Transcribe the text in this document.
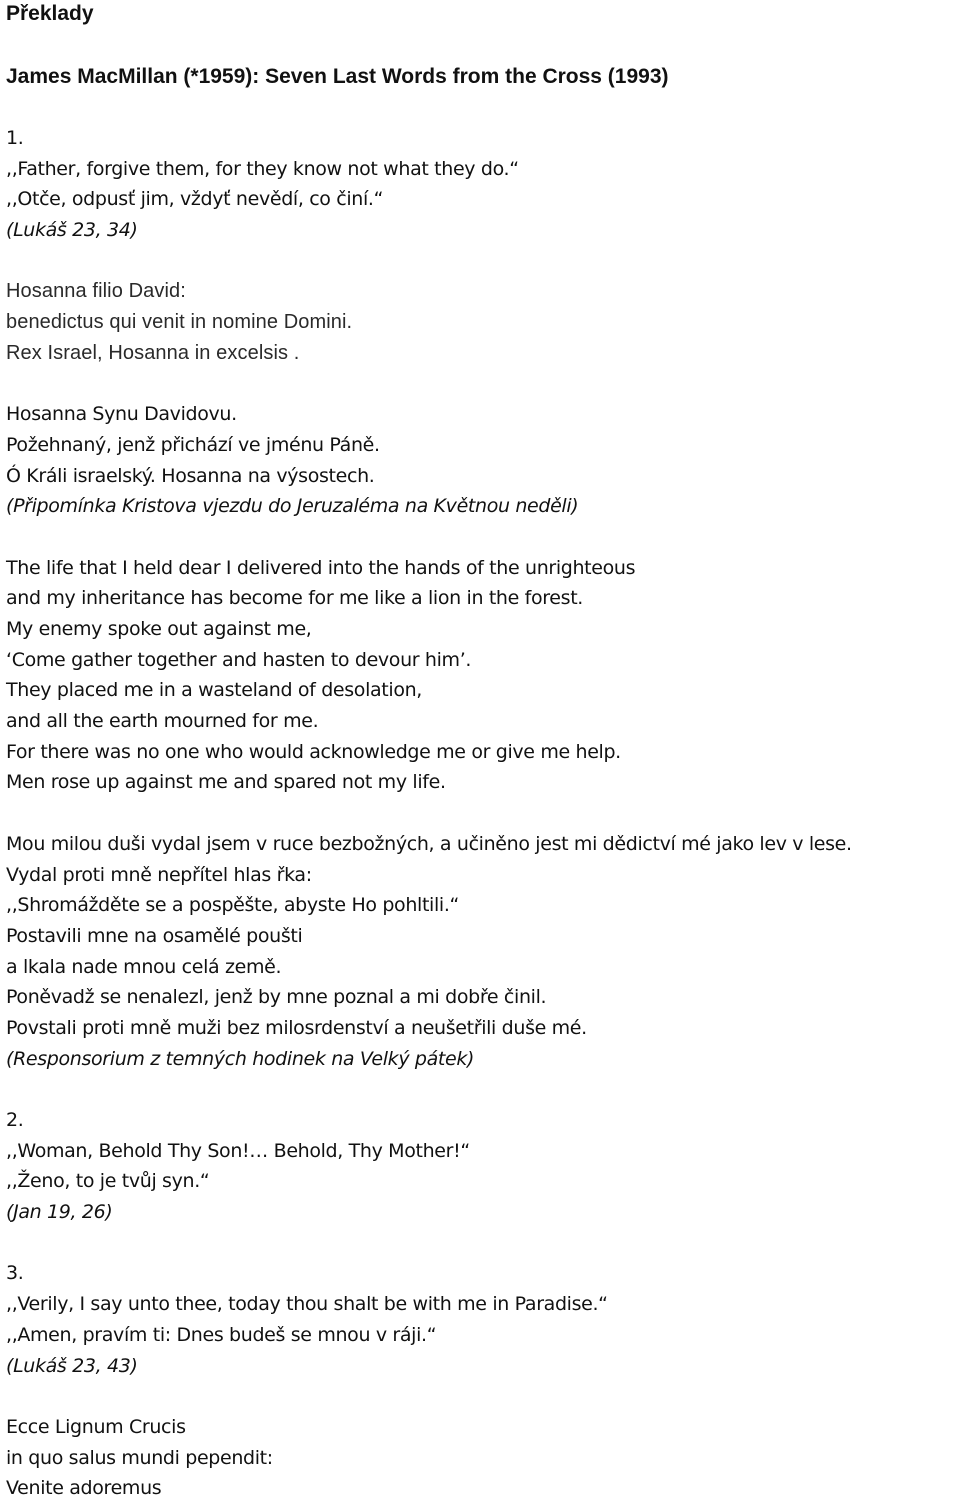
Překlady
James MacMillan (*1959): Seven Last Words from the Cross (1993)
1.
,,Father, forgive them, for they know not what they do.“
,,Otče, odpusť jim, vždyť nevědí, co činí.“
(Lukáš 23, 34)
Hosanna filio David:
benedictus qui venit in nomine Domini.
Rex Israel, Hosanna in excelsis .
Hosanna Synu Davidovu.
Požehnaný, jenž přichází ve jménu Páně.
Ó Králi israelský. Hosanna na výsostech.
(Připomínka Kristova vjezdu do Jeruzaléma na Květnou neděli)
The life that I held dear I delivered into the hands of the unrighteous
and my inheritance has become for me like a lion in the forest.
My enemy spoke out against me,
‘Come gather together and hasten to devour him’.
They placed me in a wasteland of desolation,
and all the earth mourned for me.
For there was no one who would acknowledge me or give me help.
Men rose up against me and spared not my life.
Mou milou duši vydal jsem v ruce bezbožných, a učiněno jest mi dědictví mé jako lev v lese.
Vydal proti mně nepřítel hlas řka:
,,Shromážděte se a pospěšte, abyste Ho pohltili.“
Postavili mne na osamělé poušti
a lkala nade mnou celá země.
Poněvadž se nenalezl, jenž by mne poznal a mi dobře činil.
Povstali proti mně muži bez milosrdenství a neušetřili duše mé.
(Responsorium z temných hodinek na Velký pátek)
2.
,,Woman, Behold Thy Son!… Behold, Thy Mother!“
,,Ženo, to je tvůj syn.“
(Jan 19, 26)
3.
,,Verily, I say unto thee, today thou shalt be with me in Paradise.“
,,Amen, pravím ti: Dnes budeš se mnou v ráji.“
(Lukáš 23, 43)
Ecce Lignum Crucis
in quo salus mundi pependit:
Venite adoremus
